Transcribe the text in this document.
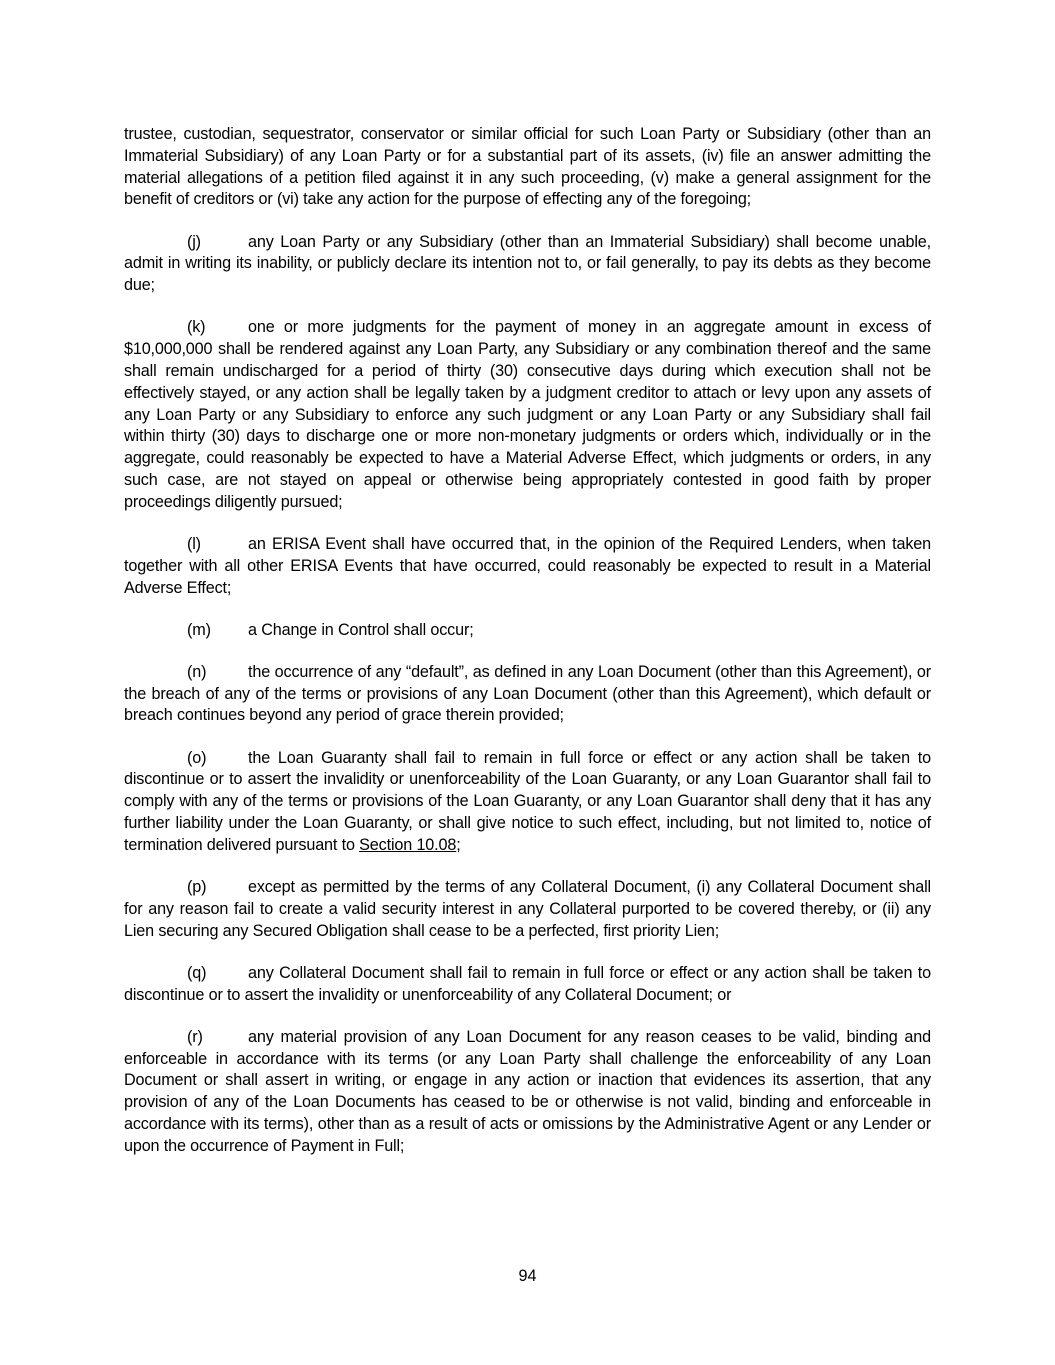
trustee, custodian, sequestrator, conservator or similar official for such Loan Party or Subsidiary (other than an Immaterial Subsidiary) of any Loan Party or for a substantial part of its assets, (iv) file an answer admitting the material allegations of a petition filed against it in any such proceeding, (v) make a general assignment for the benefit of creditors or (vi) take any action for the purpose of effecting any of the foregoing;

(j)	any Loan Party or any Subsidiary (other than an Immaterial Subsidiary) shall become unable, admit in writing its inability, or publicly declare its intention not to, or fail generally, to pay its debts as they become due;

(k)	one or more judgments for the payment of money in an aggregate amount in excess of $10,000,000 shall be rendered against any Loan Party, any Subsidiary or any combination thereof and the same shall remain undischarged for a period of thirty (30) consecutive days during which execution shall not be effectively stayed, or any action shall be legally taken by a judgment creditor to attach or levy upon any assets of any Loan Party or any Subsidiary to enforce any such judgment or any Loan Party or any Subsidiary shall fail within thirty (30) days to discharge one or more non-monetary judgments or orders which, individually or in the aggregate, could reasonably be expected to have a Material Adverse Effect, which judgments or orders, in any such case, are not stayed on appeal or otherwise being appropriately contested in good faith by proper proceedings diligently pursued;

(l)	an ERISA Event shall have occurred that, in the opinion of the Required Lenders, when taken together with all other ERISA Events that have occurred, could reasonably be expected to result in a Material Adverse Effect;

(m) a Change in Control shall occur;

(n)	the occurrence of any “default”, as defined in any Loan Document (other than this Agreement), or the breach of any of the terms or provisions of any Loan Document (other than this Agreement), which default or breach continues beyond any period of grace therein provided;

(o)	the Loan Guaranty shall fail to remain in full force or effect or any action shall be taken to discontinue or to assert the invalidity or unenforceability of the Loan Guaranty, or any Loan Guarantor shall fail to comply with any of the terms or provisions of the Loan Guaranty, or any Loan Guarantor shall deny that it has any further liability under the Loan Guaranty, or shall give notice to such effect, including, but not limited to, notice of termination delivered pursuant to Section 10.08;

(p)	except as permitted by the terms of any Collateral Document, (i) any Collateral Document shall for any reason fail to create a valid security interest in any Collateral purported to be covered thereby, or (ii) any Lien securing any Secured Obligation shall cease to be a perfected, first priority Lien;

(q)	any Collateral Document shall fail to remain in full force or effect or any action shall be taken to discontinue or to assert the invalidity or unenforceability of any Collateral Document; or

(r)	any material provision of any Loan Document for any reason ceases to be valid, binding and enforceable in accordance with its terms (or any Loan Party shall challenge the enforceability of any Loan Document or shall assert in writing, or engage in any action or inaction that evidences its assertion, that any provision of any of the Loan Documents has ceased to be or otherwise is not valid, binding and enforceable in accordance with its terms), other than as a result of acts or omissions by the Administrative Agent or any Lender or upon the occurrence of Payment in Full;

94
